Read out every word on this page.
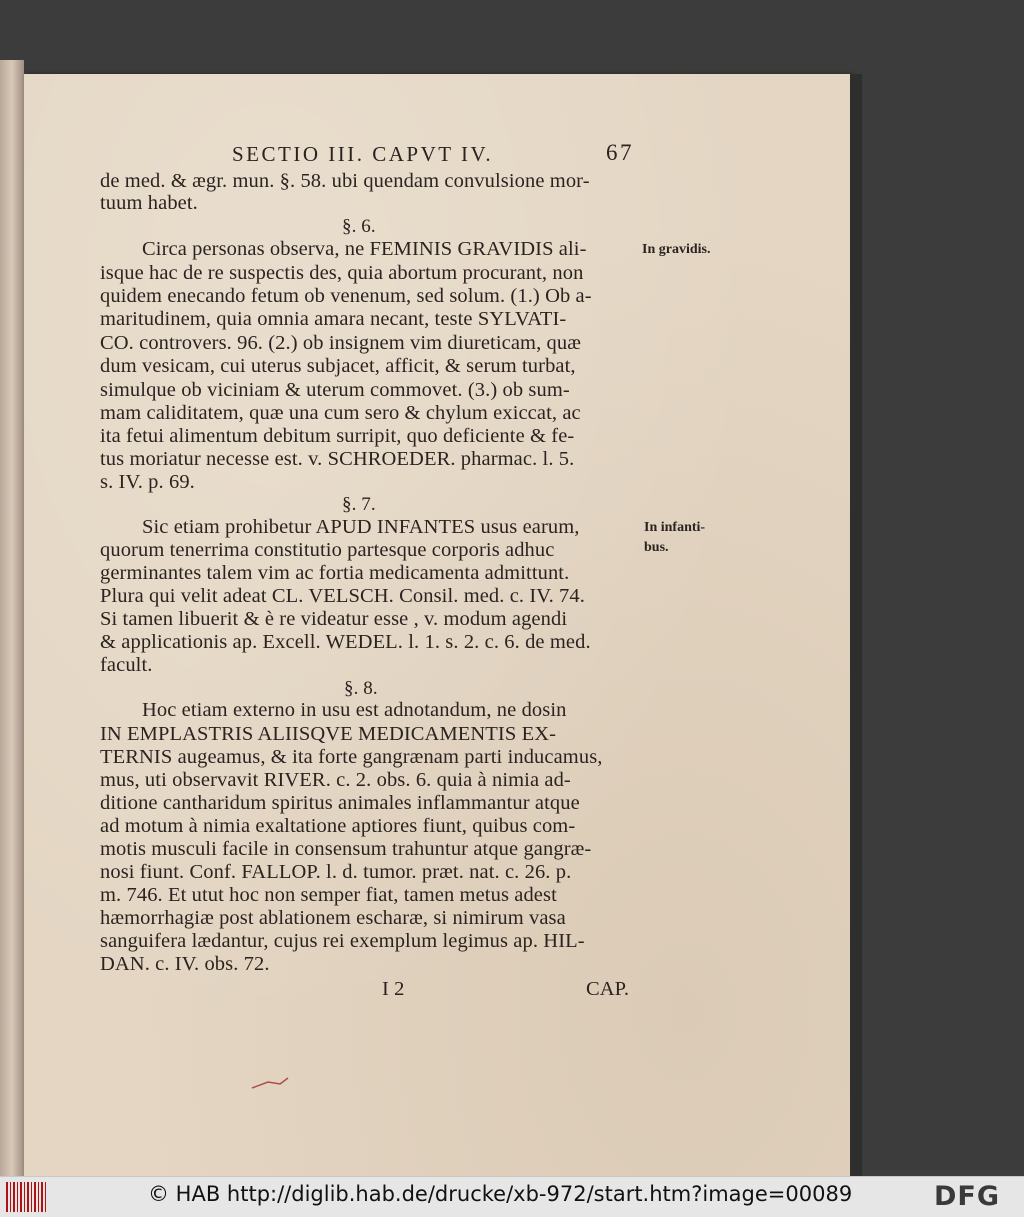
SECTIO III. CAPVT IV.	67
de med. & ægr. mun. §. 58. ubi quendam convulsione mor-
tuum habet.
§. 6.
Circa personas observa, ne FEMINIS GRAVIDIS ali-
isque hac de re suspectis des, quia abortum procurant, non
quidem enecando fetum ob venenum, sed solum. (1.) Ob a-
maritudinem, quia omnia amara necant, teste SYLVATI-
CO. controvers. 96. (2.) ob insignem vim diureticam, quæ
dum vesicam, cui uterus subjacet, afficit, & serum turbat,
simulque ob viciniam & uterum commovet. (3.) ob sum-
mam caliditatem, quæ una cum sero & chylum exiccat, ac
ita fetui alimentum debitum surripit, quo deficiente & fe-
tus moriatur necesse est. v. SCHROEDER. pharmac. l. 5.
s. IV. p. 69.
§. 7.
Sic etiam prohibetur APUD INFANTES usus earum,
quorum tenerrima constitutio partesque corporis adhuc
germinantes talem vim ac fortia medicamenta admittunt.
Plura qui velit adeat CL. VELSCH. Consil. med. c. IV. 74.
Si tamen libuerit & è re videatur esse , v. modum agendi
& applicationis ap. Excell. WEDEL. l. 1. s. 2. c. 6. de med.
facult.
§. 8.
Hoc etiam externo in usu est adnotandum, ne dosin
IN EMPLASTRIS ALIISQVE MEDICAMENTIS EX-
TERNIS augeamus, & ita forte gangrænam parti inducamus,
mus, uti observavit RIVER. c. 2. obs. 6. quia à nimia ad-
ditione cantharidum spiritus animales inflammantur atque
ad motum à nimia exaltatione aptiores fiunt, quibus com-
motis musculi facile in consensum trahuntur atque gangræ-
nosi fiunt. Conf. FALLOP. l. d. tumor. præt. nat. c. 26. p.
m. 746. Et utut hoc non semper fiat, tamen metus adest
hæmorrhagiæ post ablationem escharæ, si nimirum vasa
sanguifera lædantur, cujus rei exemplum legimus ap. HIL-
DAN. c. IV. obs. 72.
I 2	CAP.
In gravidis.
In infanti-
bus.
© HAB http://diglib.hab.de/drucke/xb-972/start.htm?image=00089	DFG
